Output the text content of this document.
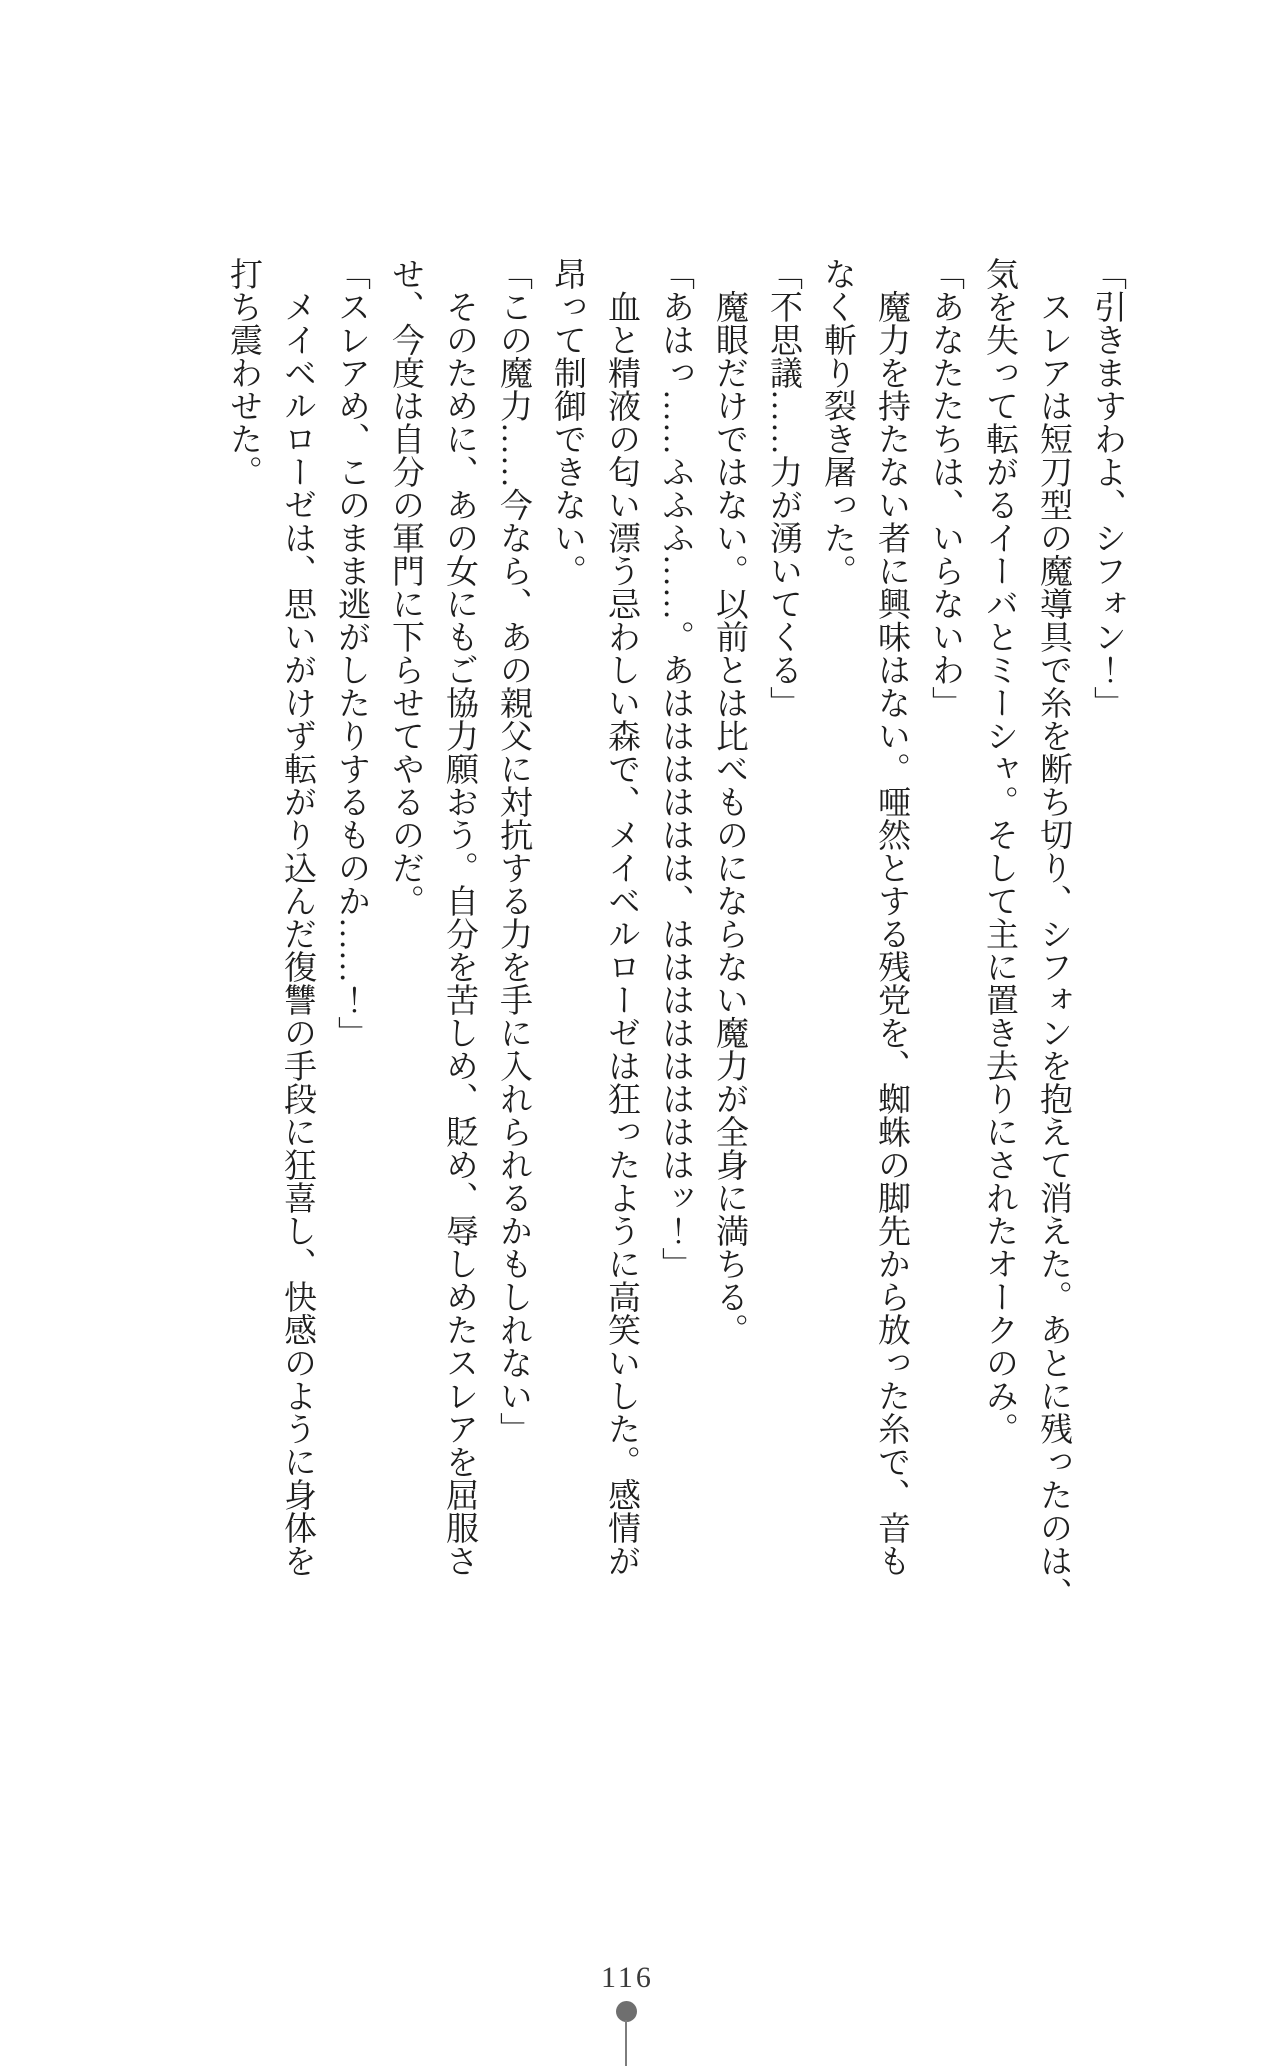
「引きますわよ、シフォン！」
スレアは短刀型の魔導具で糸を断ち切り、シフォンを抱えて消えた。あとに残ったのは、
気を失って転がるイーバとミーシャ。そして主に置き去りにされたオークのみ。
「あなたたちは、いらないわ」
魔力を持たない者に興味はない。唖然とする残党を、蜘蛛の脚先から放った糸で、音も
なく斬り裂き屠った。
「不思議……力が湧いてくる」
魔眼だけではない。以前とは比べものにならない魔力が全身に満ちる。
「あはっ……ふふふ……。あはははははは、ははははははははッ！」
血と精液の匂い漂う忌わしい森で、メイベルローゼは狂ったように高笑いした。感情が
昂って制御できない。
「この魔力……今なら、あの親父に対抗する力を手に入れられるかもしれない」
そのために、あの女にもご協力願おう。自分を苦しめ、貶め、辱しめたスレアを屈服さ
せ、今度は自分の軍門に下らせてやるのだ。
「スレアめ、このまま逃がしたりするものか……！」
メイベルローゼは、思いがけず転がり込んだ復讐の手段に狂喜し、快感のように身体を
打ち震わせた。
116
